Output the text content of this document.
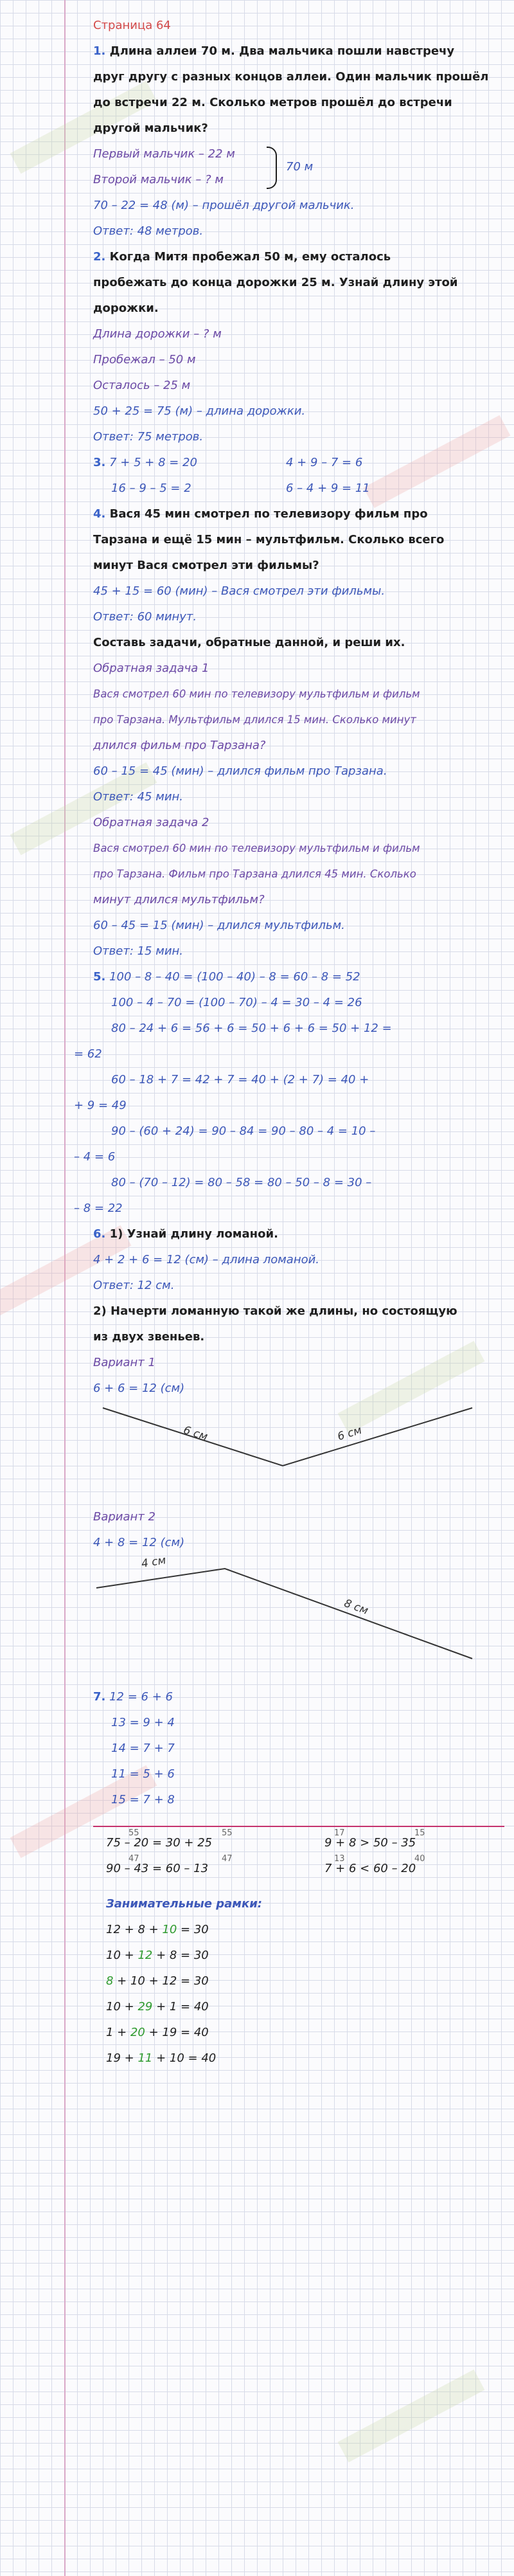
Страница 64
1. Длина аллеи 70 м. Два мальчика пошли навстречу
друг другу с разных концов аллеи. Один мальчик прошёл
до встречи 22 м. Сколько метров прошёл до встречи
другой мальчик?
Первый мальчик – 22 м
Второй мальчик – ? м
70 м
70 – 22 = 48 (м) – прошёл другой мальчик.
Ответ: 48 метров.
2. Когда Митя пробежал 50 м, ему осталось
пробежать до конца дорожки 25 м. Узнай длину этой
дорожки.
Длина дорожки – ? м
Пробежал – 50 м
Осталось – 25 м
50 + 25 = 75 (м) – длина дорожки.
Ответ: 75 метров.
3. 7 + 5 + 8 = 20	4 + 9 – 7 = 6
16 – 9 – 5 = 2	6 – 4 + 9 = 11
4. Вася 45 мин смотрел по телевизору фильм про
Тарзана и ещё 15 мин – мультфильм. Сколько всего
минут Вася смотрел эти фильмы?
45 + 15 = 60 (мин) – Вася смотрел эти фильмы.
Ответ: 60 минут.
Составь задачи, обратные данной, и реши их.
Обратная задача 1
Вася смотрел 60 мин по телевизору мультфильм и фильм
про Тарзана. Мультфильм длился 15 мин. Сколько минут
длился фильм про Тарзана?
60 – 15 = 45 (мин) – длился фильм про Тарзана.
Ответ: 45 мин.
Обратная задача 2
Вася смотрел 60 мин по телевизору мультфильм и фильм
про Тарзана. Фильм про Тарзана длился 45 мин. Сколько
минут длился мультфильм?
60 – 45 = 15 (мин) – длился мультфильм.
Ответ: 15 мин.
5. 100 – 8 – 40 = (100 – 40) – 8 = 60 – 8 = 52
100 – 4 – 70 = (100 – 70) – 4 = 30 – 4 = 26
80 – 24 + 6 = 56 + 6 = 50 + 6 + 6 = 50 + 12 =
= 62
60 – 18 + 7 = 42 + 7 = 40 + (2 + 7) = 40 +
+ 9 = 49
90 – (60 + 24) = 90 – 84 = 90 – 80 – 4 = 10 –
– 4 = 6
80 – (70 – 12) = 80 – 58 = 80 – 50 – 8 = 30 –
– 8 = 22
6. 1) Узнай длину ломаной.
4 + 2 + 6 = 12 (см) – длина ломаной.
Ответ: 12 см.
2) Начерти ломанную такой же длины, но состоящую
из двух звеньев.
Вариант 1
6 + 6 = 12 (см)
6 см	6 см
Вариант 2
4 + 8 = 12 (см)
4 см
8 см
7. 12 = 6 + 6
13 = 9 + 4
14 = 7 + 7
11 = 5 + 6
15 = 7 + 8
55	55	17	15
75 – 20 = 30 + 25	9 + 8 > 50 – 35
47	47	13	40
90 – 43 = 60 – 13	7 + 6 < 60 – 20
Занимательные рамки:
12 + 8 + 10 = 30
10 + 12 + 8 = 30
8 + 10 + 12 = 30
10 + 29 + 1 = 40
1 + 20 + 19 = 40
19 + 11 + 10 = 40
